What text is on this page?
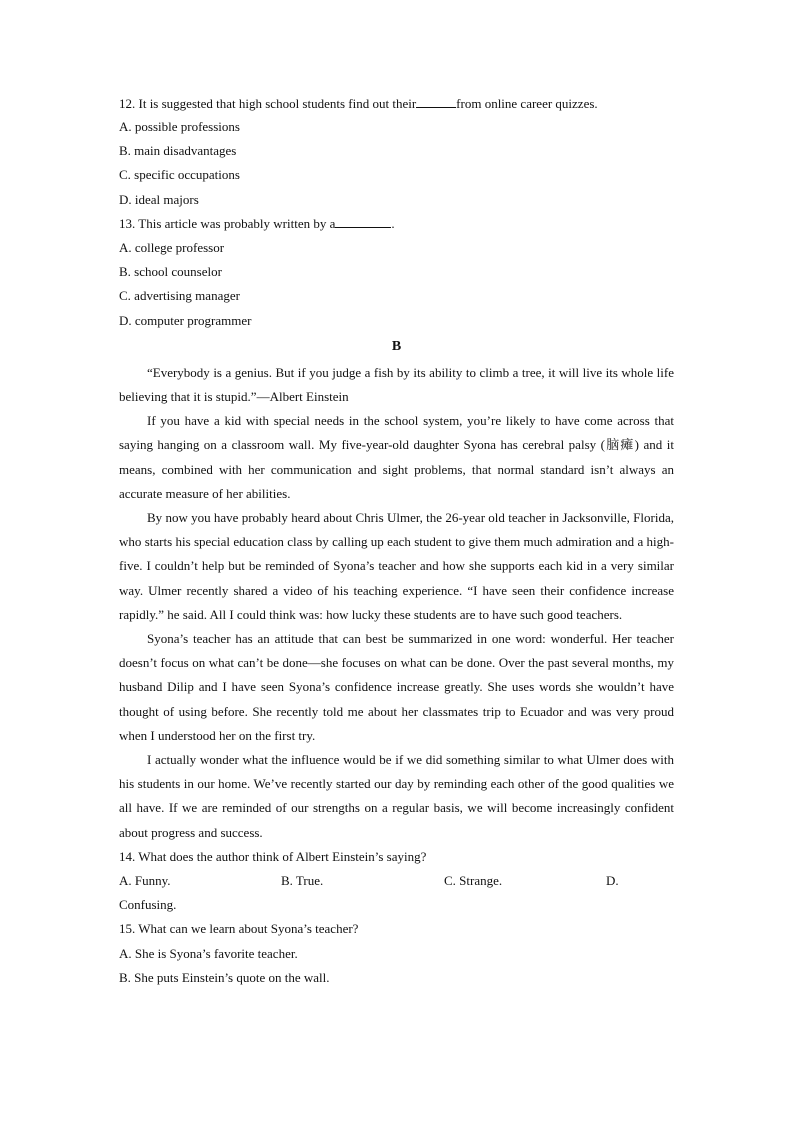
12. It is suggested that high school students find out their	from online career quizzes.
A. possible professions
B. main disadvantages
C. specific occupations
D. ideal majors
13. This article was probably written by a	.
A. college professor
B. school counselor
C. advertising manager
D. computer programmer
B

“Everybody is a genius. But if you judge a fish by its ability to climb a tree, it will live its whole life believing that it is stupid.”—Albert Einstein

If you have a kid with special needs in the school system, you’re likely to have come across that saying hanging on a classroom wall. My five-year-old daughter Syona has cerebral palsy (脑瘫) and it means, combined with her communication and sight problems, that normal standard isn’t always an accurate measure of her abilities.

By now you have probably heard about Chris Ulmer, the 26-year old teacher in Jacksonville, Florida, who starts his special education class by calling up each student to give them much admiration and a high-five. I couldn’t help but be reminded of Syona’s teacher and how she supports each kid in a very similar way. Ulmer recently shared a video of his teaching experience. “I have seen their confidence increase rapidly.” he said. All I could think was: how lucky these students are to have such good teachers.

Syona’s teacher has an attitude that can best be summarized in one word: wonderful. Her teacher doesn’t focus on what can’t be done—she focuses on what can be done. Over the past several months, my husband Dilip and I have seen Syona’s confidence increase greatly. She uses words she wouldn’t have thought of using before. She recently told me about her classmates trip to Ecuador and was very proud when I understood her on the first try.

I actually wonder what the influence would be if we did something similar to what Ulmer does with his students in our home. We’ve recently started our day by reminding each other of the good qualities we all have. If we are reminded of our strengths on a regular basis, we will become increasingly confident about progress and success.

14. What does the author think of Albert Einstein’s saying?
A. Funny.	B. True.	C. Strange.	D.
Confusing.
15. What can we learn about Syona’s teacher?
A. She is Syona’s favorite teacher.
B. She puts Einstein’s quote on the wall.
